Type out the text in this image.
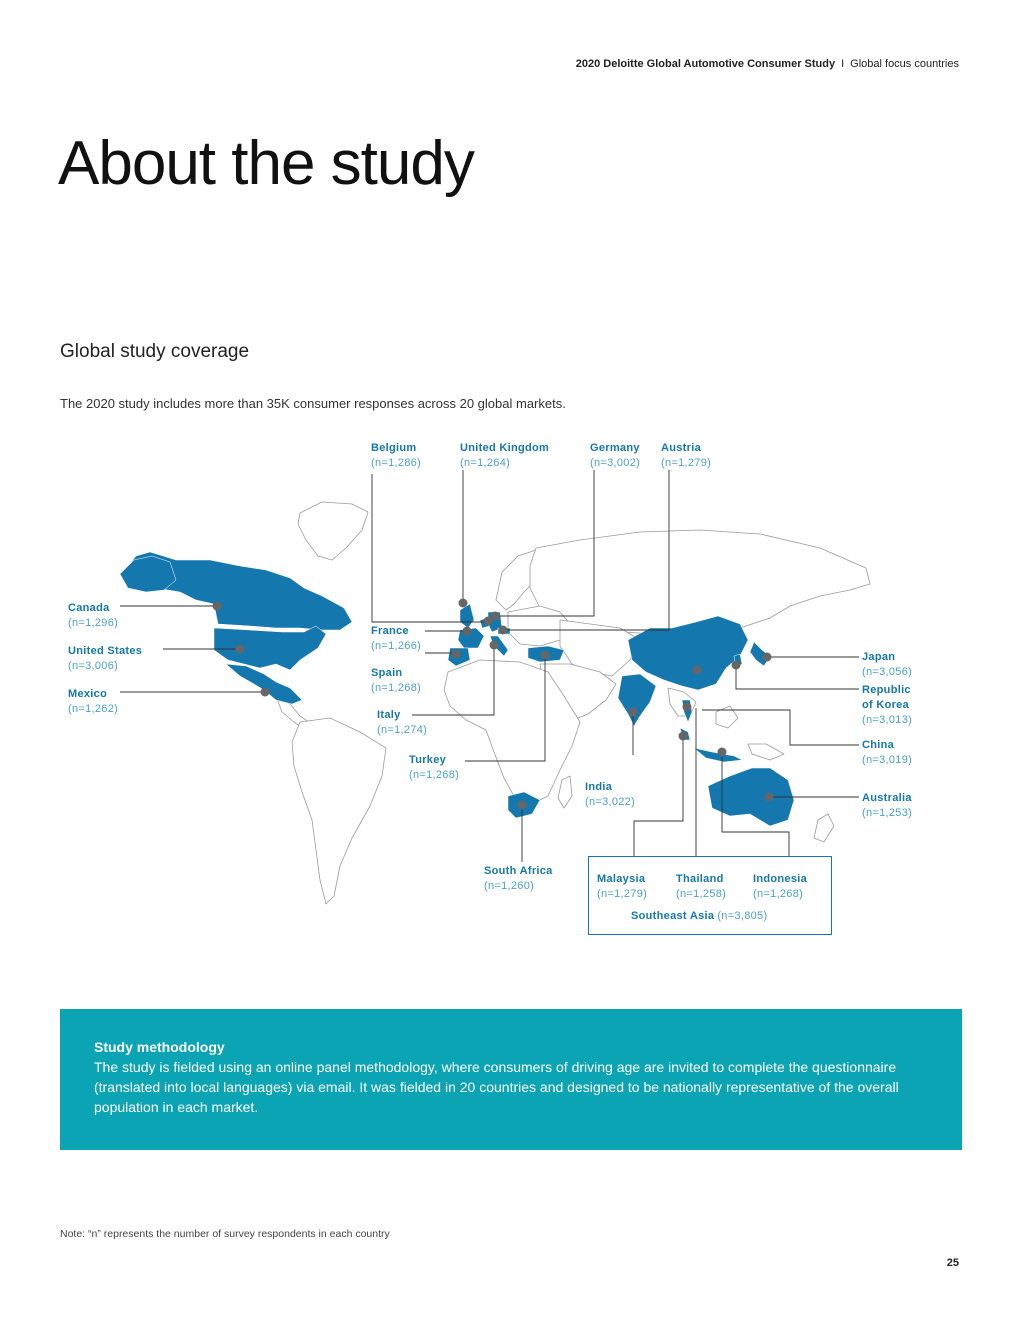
2020 Deloitte Global Automotive Consumer Study I Global focus countries
About the study
Global study coverage

The 2020 study includes more than 35K consumer responses across 20 global markets.

Belgium
(n=1,286)
United Kingdom
(n=1,264)
Germany
(n=3,002)
Austria
(n=1,279)
Canada
(n=1,296)
United States
(n=3,006)
Mexico
(n=1,262)
France
(n=1,266)
Spain
(n=1,268)
Italy
(n=1,274)
Turkey
(n=1,268)
South Africa
(n=1,260)
India
(n=3,022)
Japan
(n=3,056)
Republic
of Korea
(n=3,013)
China
(n=3,019)
Australia
(n=1,253)
Malaysia
(n=1,279)
Thailand
(n=1,258)
Indonesia
(n=1,268)
Southeast Asia (n=3,805)

Study methodology

The study is fielded using an online panel methodology, where consumers of driving age are invited to complete the questionnaire (translated into local languages) via email. It was fielded in 20 countries and designed to be nationally representative of the overall population in each market.

Note: “n” represents the number of survey respondents in each country
25
